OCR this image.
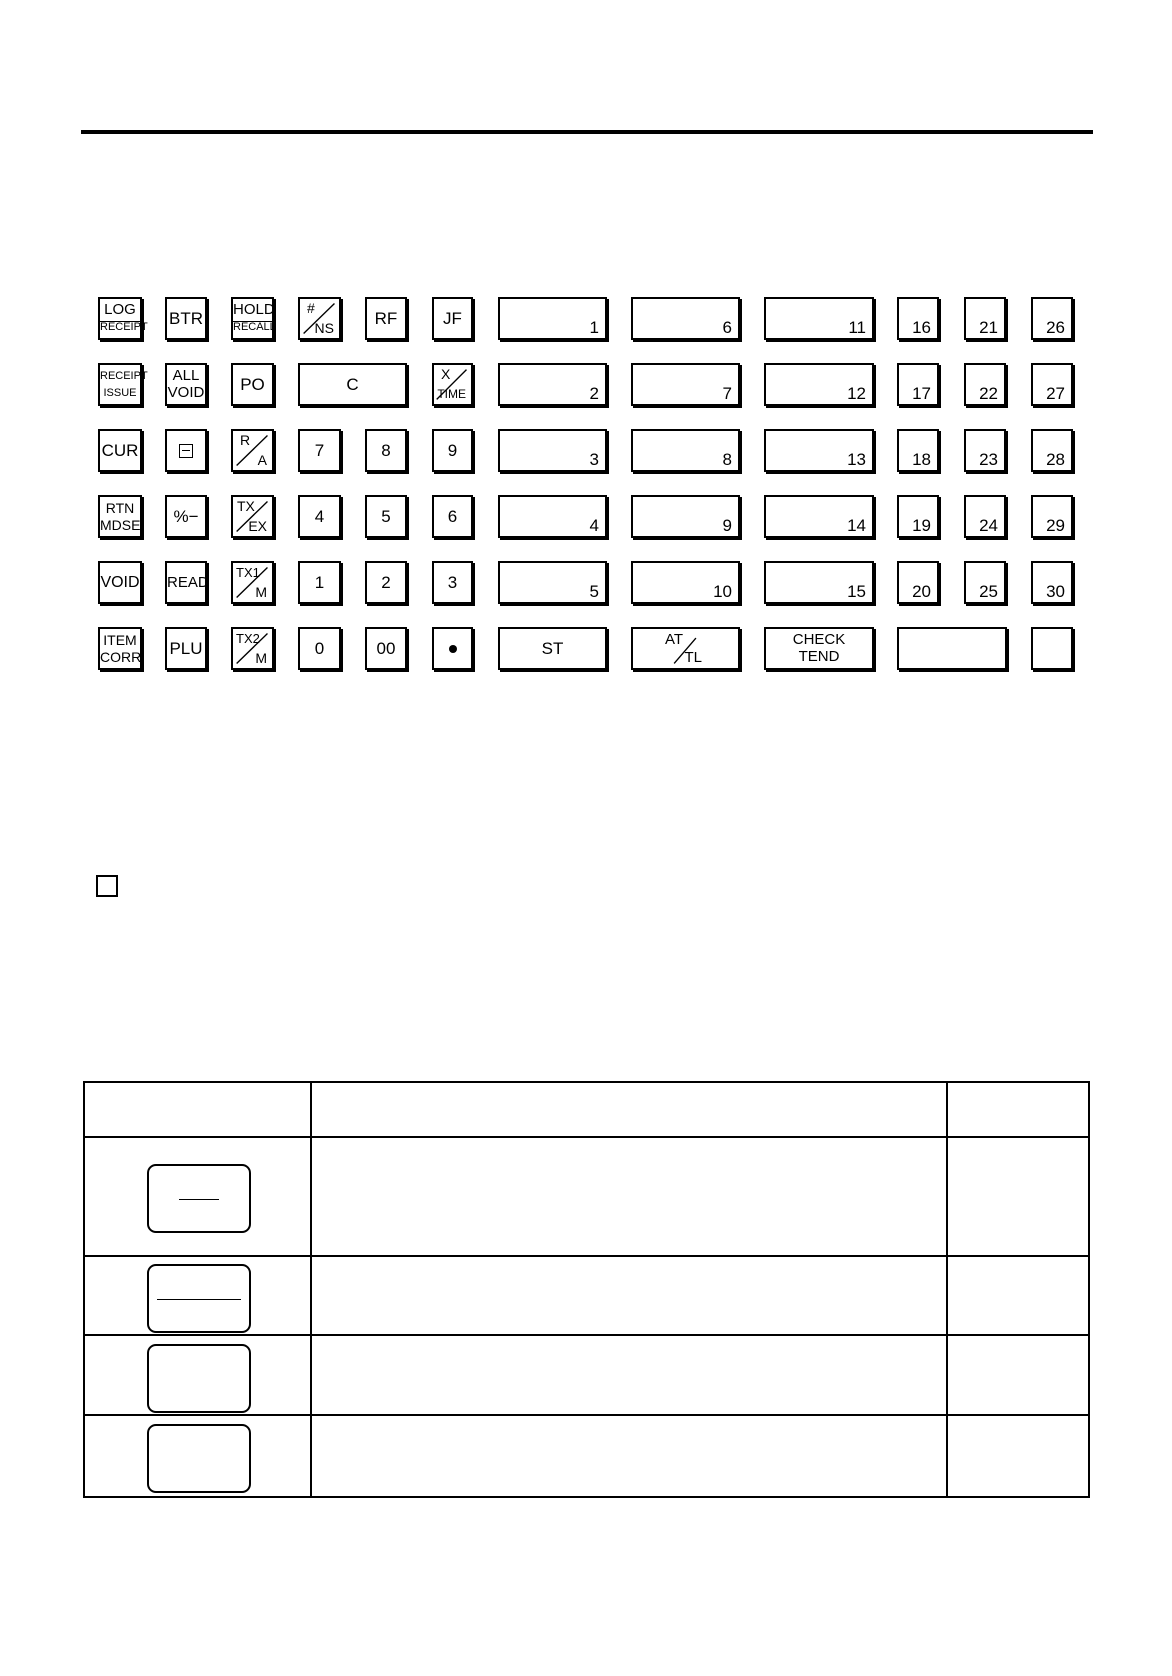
LOG
RECEIPT BTR HOLD
RECALL
#
NS
RF	JF
RECEIPT
ISSUE
ALL
VOID	PO	C
X
TIME
CUR
R
A
7	8	9
RTN
MDSE	%−
TX
EX
4	5	6
VOID READ
TX1
M
1	2	3
ITEM
CORR PLU	TX2
M
0	00
1
2
3
4
5
6
7
8
9
10
11
12
13
14
15
16
17
18
19
20
21
22
23
24
25
26
27
28
29
30
ST	AT
TL
CHECK
TEND
